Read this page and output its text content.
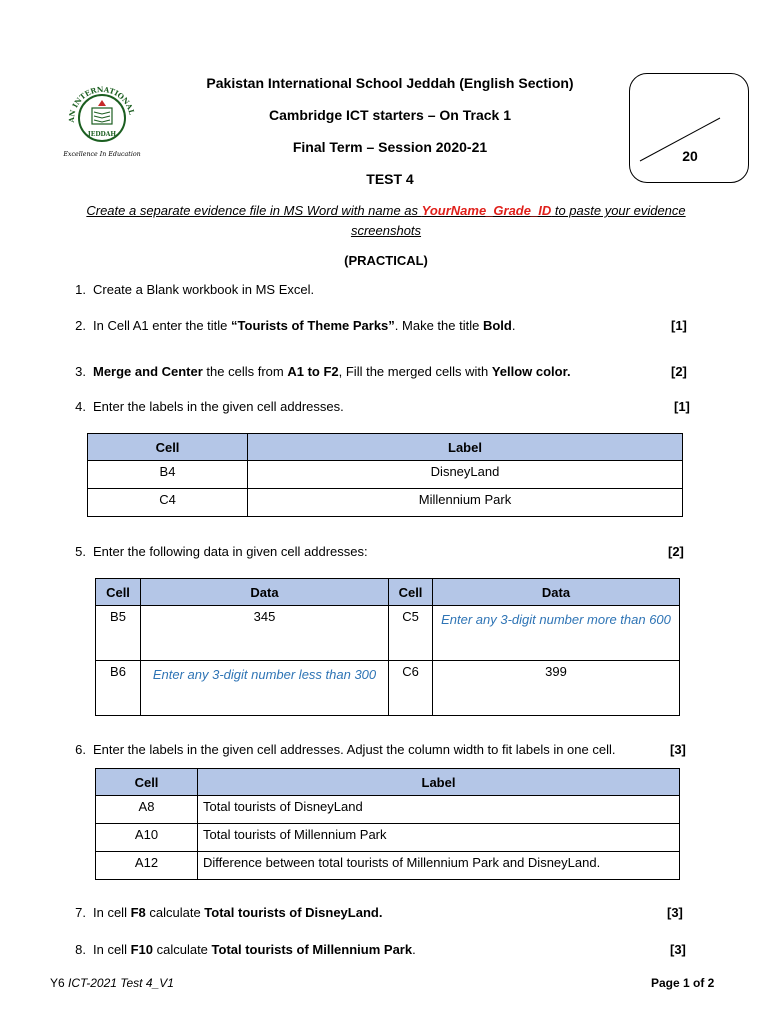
AN INTERNATIONAL
JEDDAH
Excellence In Education
Pakistan International School Jeddah (English Section)
Cambridge ICT starters – On Track 1
Final Term – Session 2020-21
TEST 4
20
Create a separate evidence file in MS Word with name as YourName_Grade_ID to paste your evidence screenshots
(PRACTICAL)
1. Create a Blank workbook in MS Excel.
2. In Cell A1 enter the title “Tourists of Theme Parks”. Make the title Bold.	[1]
3. Merge and Center the cells from A1 to F2, Fill the merged cells with Yellow color.	[2]
4. Enter the labels in the given cell addresses.	[1]
Cell	Label
B4	DisneyLand
C4	Millennium Park
5. Enter the following data in given cell addresses:	[2]
Cell	Data	Cell	Data
B5	345	C5	Enter any 3-digit number more than 600
B6	Enter any 3-digit number less than 300	C6	399
6. Enter the labels in the given cell addresses. Adjust the column width to fit labels in one cell.	[3]
Cell	Label
A8	Total tourists of DisneyLand
A10	Total tourists of Millennium Park
A12	Difference between total tourists of Millennium Park and DisneyLand.
7. In cell F8 calculate Total tourists of DisneyLand.	[3]
8. In cell F10 calculate Total tourists of Millennium Park.	[3]
Y6 ICT-2021 Test 4_V1	Page 1 of 2
